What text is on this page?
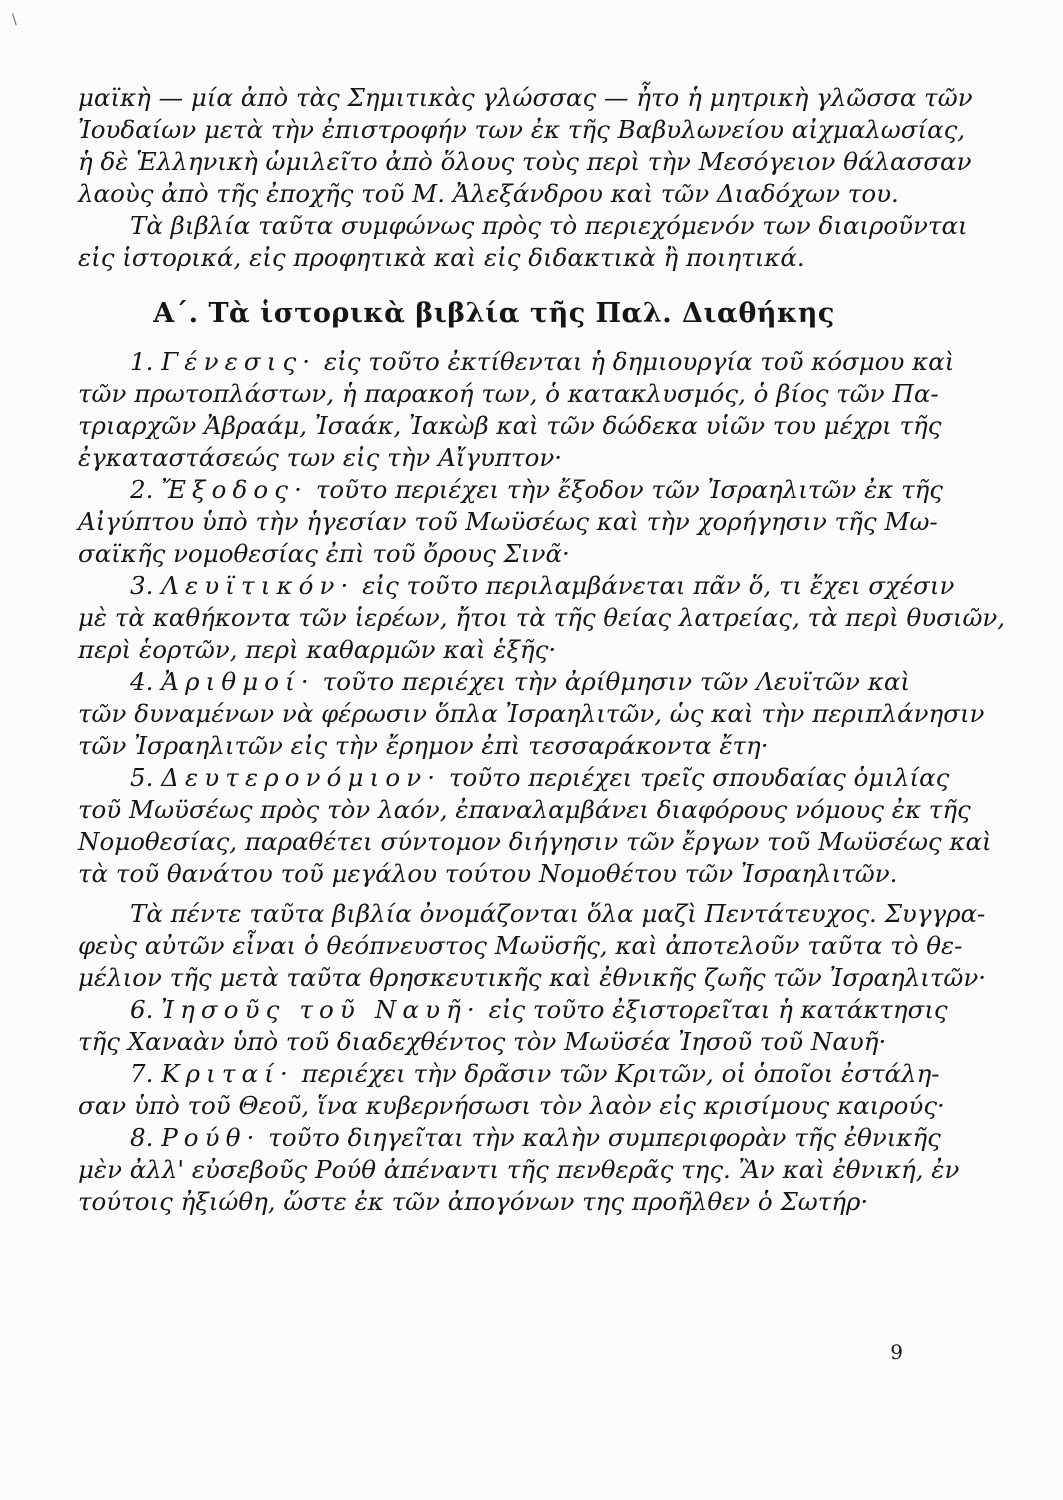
\
μαϊκὴ — μία ἀπὸ τὰς Σημιτικὰς γλώσσας — ἦτο ἡ μητρικὴ γλῶσσα τῶν
Ἰουδαίων μετὰ τὴν ἐπιστροφήν των ἐκ τῆς Βαβυλωνείου αἰχμαλωσίας,
ἡ δὲ Ἑλληνικὴ ὡμιλεῖτο ἀπὸ ὅλους τοὺς περὶ τὴν Μεσόγειον θάλασσαν
λαοὺς ἀπὸ τῆς ἐποχῆς τοῦ Μ. Ἀλεξάνδρου καὶ τῶν Διαδόχων του.
Τὰ βιβλία ταῦτα συμφώνως πρὸς τὸ περιεχόμενόν των διαιροῦνται
εἰς ἱστορικά, εἰς προφητικὰ καὶ εἰς διδακτικὰ ἢ ποιητικά.
Α΄. Τὰ ἱστορικὰ βιβλία τῆς Παλ. Διαθήκης
1. Γένεσις· εἰς τοῦτο ἐκτίθενται ἡ δημιουργία τοῦ κόσμου καὶ
τῶν πρωτοπλάστων, ἡ παρακοή των, ὁ κατακλυσμός, ὁ βίος τῶν Πα-
τριαρχῶν Ἀβραάμ, Ἰσαάκ, Ἰακὼβ καὶ τῶν δώδεκα υἱῶν του μέχρι τῆς
ἐγκαταστάσεώς των εἰς τὴν Αἴγυπτον·
2. Ἔξοδος· τοῦτο περιέχει τὴν ἔξοδον τῶν Ἰσραηλιτῶν ἐκ τῆς
Αἰγύπτου ὑπὸ τὴν ἡγεσίαν τοῦ Μωϋσέως καὶ τὴν χορήγησιν τῆς Μω-
σαϊκῆς νομοθεσίας ἐπὶ τοῦ ὄρους Σινᾶ·
3. Λευϊτικόν· εἰς τοῦτο περιλαμβάνεται πᾶν ὅ, τι ἔχει σχέσιν
μὲ τὰ καθήκοντα τῶν ἱερέων, ἤτοι τὰ τῆς θείας λατρείας, τὰ περὶ θυσιῶν,
περὶ ἑορτῶν, περὶ καθαρμῶν καὶ ἑξῆς·
4. Ἀριθμοί· τοῦτο περιέχει τὴν ἀρίθμησιν τῶν Λευϊτῶν καὶ
τῶν δυναμένων νὰ φέρωσιν ὅπλα Ἰσραηλιτῶν, ὡς καὶ τὴν περιπλάνησιν
τῶν Ἰσραηλιτῶν εἰς τὴν ἔρημον ἐπὶ τεσσαράκοντα ἔτη·
5. Δευτερονόμιον· τοῦτο περιέχει τρεῖς σπουδαίας ὁμιλίας
τοῦ Μωϋσέως πρὸς τὸν λαόν, ἐπαναλαμβάνει διαφόρους νόμους ἐκ τῆς
Νομοθεσίας, παραθέτει σύντομον διήγησιν τῶν ἔργων τοῦ Μωϋσέως καὶ
τὰ τοῦ θανάτου τοῦ μεγάλου τούτου Νομοθέτου τῶν Ἰσραηλιτῶν.
Τὰ πέντε ταῦτα βιβλία ὀνομάζονται ὅλα μαζὶ Πεντάτευχος. Συγγρα-
φεὺς αὐτῶν εἶναι ὁ θεόπνευστος Μωϋσῆς, καὶ ἀποτελοῦν ταῦτα τὸ θε-
μέλιον τῆς μετὰ ταῦτα θρησκευτικῆς καὶ ἐθνικῆς ζωῆς τῶν Ἰσραηλιτῶν·
6. Ἰησοῦς τοῦ Ναυῆ· εἰς τοῦτο ἐξιστορεῖται ἡ κατάκτησις
τῆς Χαναὰν ὑπὸ τοῦ διαδεχθέντος τὸν Μωϋσέα Ἰησοῦ τοῦ Ναυῆ·
7. Κριταί· περιέχει τὴν δρᾶσιν τῶν Κριτῶν, οἱ ὁποῖοι ἐστάλη-
σαν ὑπὸ τοῦ Θεοῦ, ἵνα κυβερνήσωσι τὸν λαὸν εἰς κρισίμους καιρούς·
8. Ρούθ· τοῦτο διηγεῖται τὴν καλὴν συμπεριφορὰν τῆς ἐθνικῆς
μὲν ἀλλ' εὐσεβοῦς Ρούθ ἀπέναντι τῆς πενθερᾶς της. Ἂν καὶ ἐθνική, ἐν
τούτοις ἠξιώθη, ὥστε ἐκ τῶν ἀπογόνων της προῆλθεν ὁ Σωτήρ·
9
